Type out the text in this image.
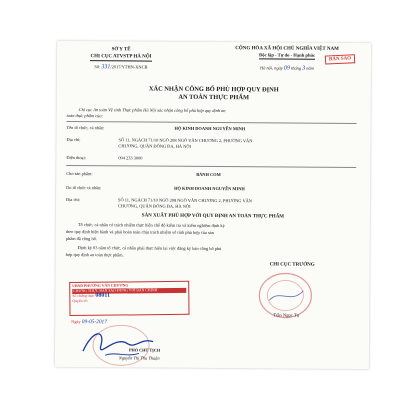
SỞ Y TẾ
CHI CỤC ATVSTP HÀ NỘI
Số: 331/2017/YTHN-XNCB
CỘNG HÒA XÃ HỘI CHỦ NGHĨA VIỆT NAM
Độc lập - Tự do - Hạnh phúc
Hà nội, ngày 09 tháng 3 năm
BẢN SAO
XÁC NHẬN CÔNG BỐ PHÙ HỢP QUY ĐỊNH
AN TOÀN THỰC PHẨM
Chi cục An toàn Vệ sinh Thực phẩm Hà Nội xác nhận công bố phù hợp quy định an
toàn thực phẩm của:
Tên tổ chức, cá nhân:	HỘ KINH DOANH NGUYỄN MINH
Địa chỉ:	SỐ 11, NGÁCH 71/10 NGÕ 208 NGÕ VĂN CHƯƠNG 2, PHƯỜNG VĂN
CHƯƠNG, QUẬN ĐỐNG ĐA, HÀ NỘI
Điện thoại:	094 233 3000
Cho sản phẩm:	BÁNH COM
Do tổ chức cá nhân:	HỘ KINH DOANH NGUYỄN MINH
Địa chỉ:	SỐ 11, NGÁCH 71/10 NGÕ 208 NGÕ VĂN CHƯƠNG 2, PHƯỜNG VĂN
CHƯƠNG, QUẬN ĐỐNG ĐA, HÀ NỘI
SẢN XUẤT PHÙ HỢP VỚI QUY ĐỊNH AN TOÀN THỰC PHẨM
Tổ chức, cá nhân có trách nhiệm thực hiện chế độ kiểm tra và kiểm nghiệm định kỳ
theo quy định hiện hành và phải hoàn toàn chịu trách nhiệm về tính phù hợp của sản
phẩm đã công bố.
Định kỳ 03 năm tổ chức, cá nhân phải thực hiện lại việc đăng ký bản công bố phù
hợp quy định an toàn thực phẩm.
CHI CỤC TRƯỞNG
Trần Ngọc Tụ
UBND PHƯỜNG VĂN CHƯƠNG
CHỨNG THỰC BẢN SAO ĐÚNG VỚI BẢN CHÍNH
Số chứng thực 08011
Quyển số:
Ngày 09-05-2017
PHÓ CHỦ TỊCH
Nguyễn Thị Thu Thuận
